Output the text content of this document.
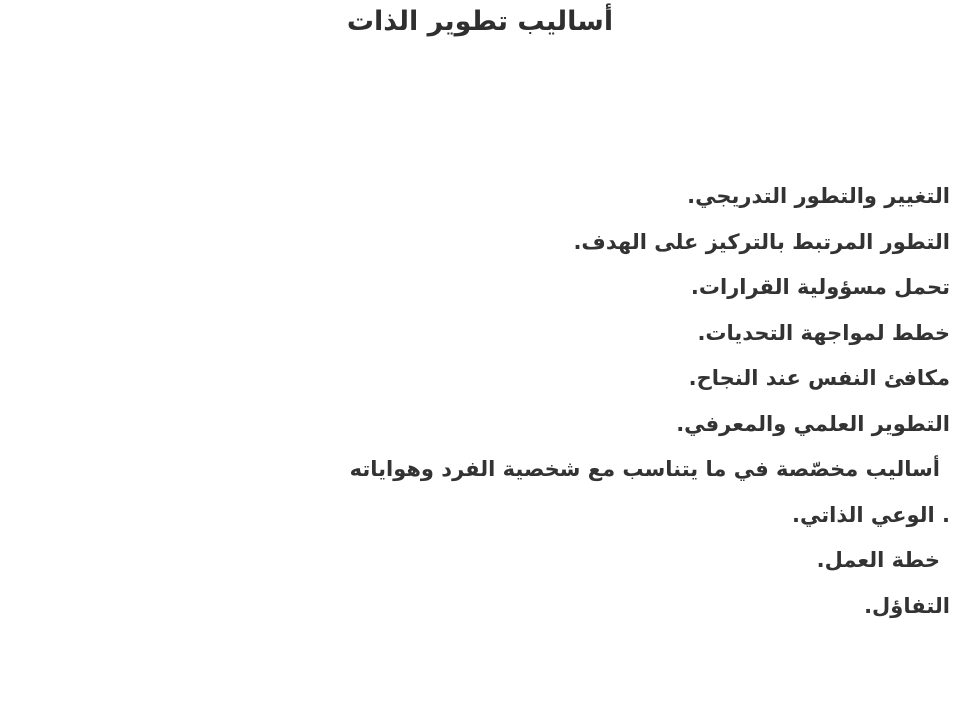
أساليب تطوير الذات
التغيير والتطور التدريجي.
التطور المرتبط بالتركيز على الهدف.
تحمل مسؤولية القرارات.
خطط لمواجهة التحديات.
مكافئ النفس عند النجاح.
التطوير العلمي والمعرفي.
أساليب مخصّصة في ما يتناسب مع شخصية الفرد وهواياته
. الوعي الذاتي.
خطة العمل.
التفاؤل.
